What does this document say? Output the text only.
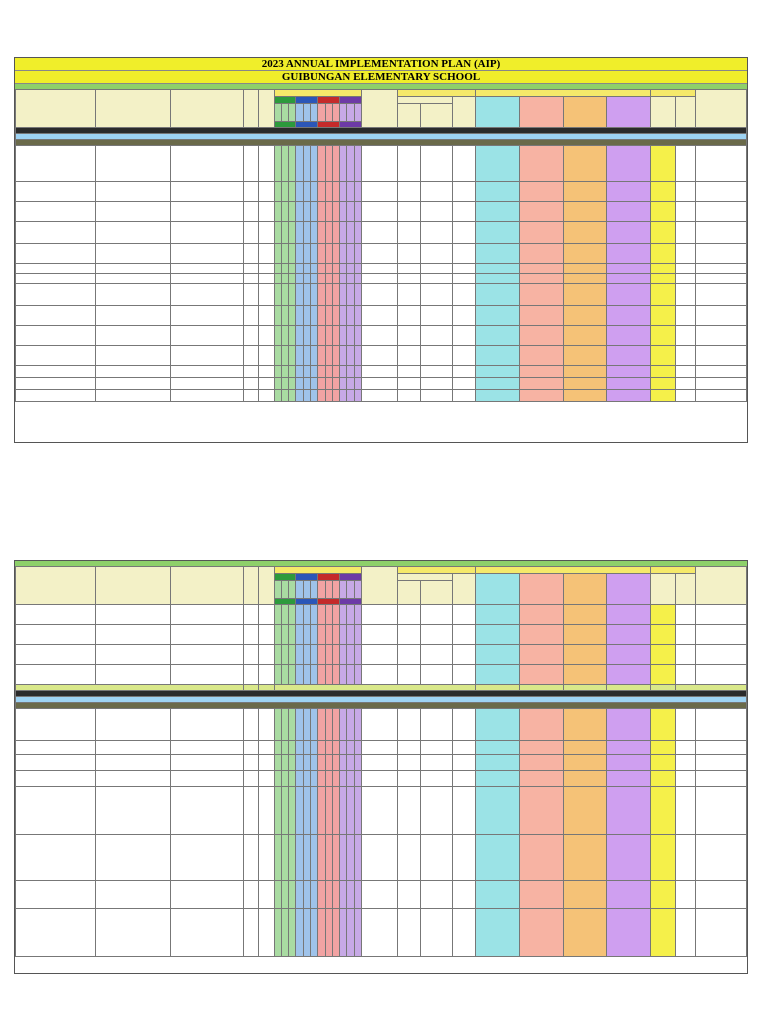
2023 ANNUAL IMPLEMENTATION PLAN (AIP)
GUIBUNGAN ELEMENTARY SCHOOL
